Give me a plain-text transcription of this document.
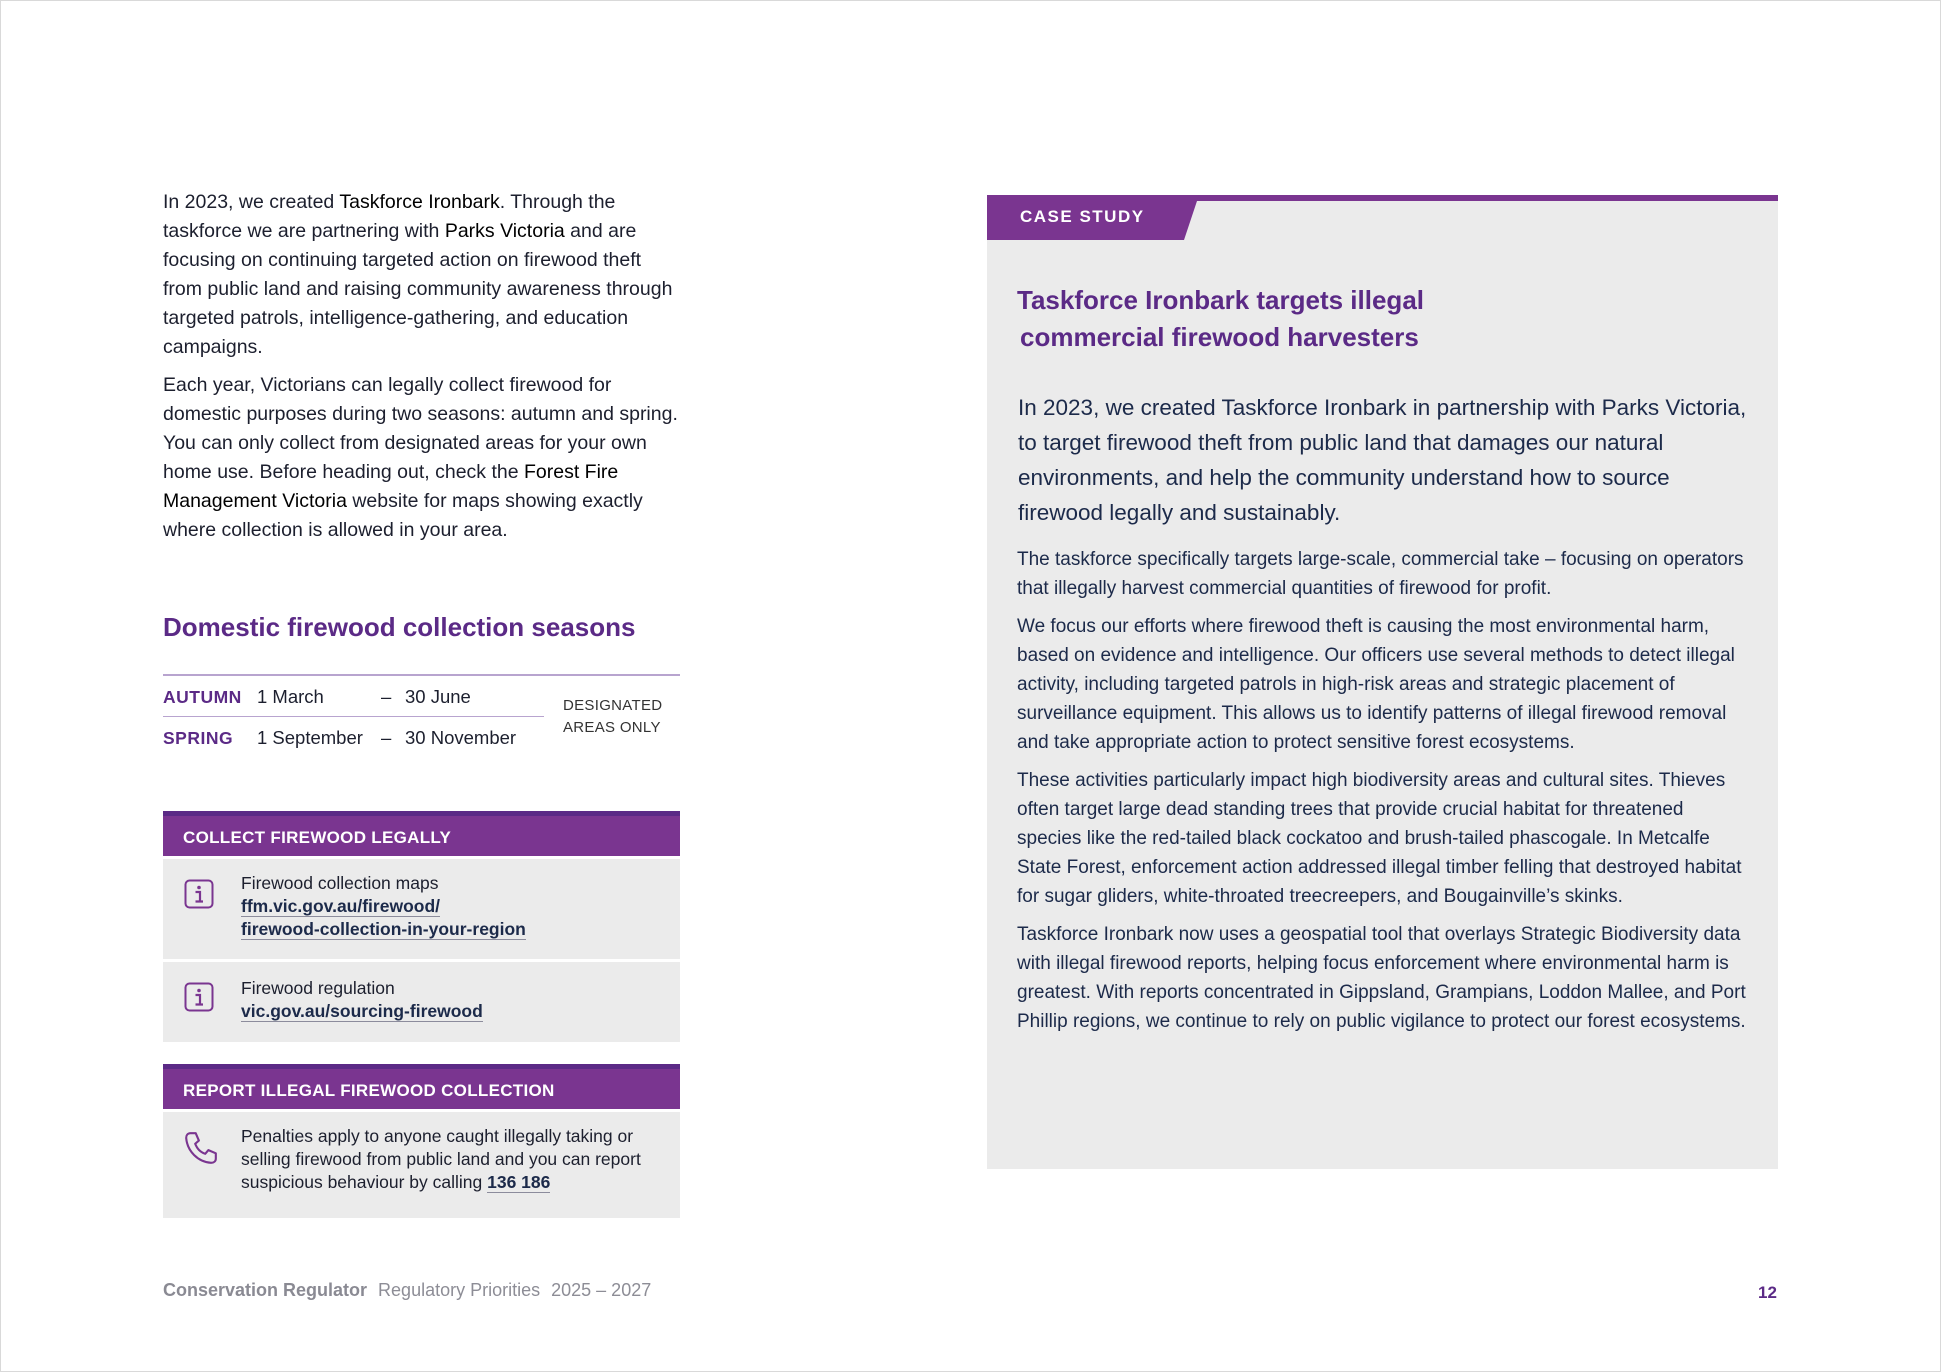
In 2023, we created Taskforce Ironbark. Through the taskforce we are partnering with Parks Victoria and are focusing on continuing targeted action on firewood theft from public land and raising community awareness through targeted patrols, intelligence-gathering, and education campaigns.

Each year, Victorians can legally collect firewood for domestic purposes during two seasons: autumn and spring. You can only collect from designated areas for your own home use. Before heading out, check the Forest Fire Management Victoria website for maps showing exactly where collection is allowed in your area.

Domestic firewood collection seasons
AUTUMN 1 March	– 30 June
SPRING 1 September – 30 November
DESIGNATED
AREAS ONLY
COLLECT FIREWOOD LEGALLY
Firewood collection maps
ffm.vic.gov.au/firewood/
firewood-collection-in-your-region
Firewood regulation
vic.gov.au/sourcing-firewood
REPORT ILLEGAL FIREWOOD COLLECTION
Penalties apply to anyone caught illegally taking or selling firewood from public land and you can report suspicious behaviour by calling 136 186
CASE STUDY
Taskforce Ironbark targets illegal
commercial firewood harvesters

In 2023, we created Taskforce Ironbark in partnership with Parks Victoria, to target firewood theft from public land that damages our natural environments, and help the community understand how to source firewood legally and sustainably.

The taskforce specifically targets large-scale, commercial take – focusing on operators that illegally harvest commercial quantities of firewood for profit.

We focus our efforts where firewood theft is causing the most environmental harm, based on evidence and intelligence. Our officers use several methods to detect illegal activity, including targeted patrols in high-risk areas and strategic placement of surveillance equipment. This allows us to identify patterns of illegal firewood removal and take appropriate action to protect sensitive forest ecosystems.

These activities particularly impact high biodiversity areas and cultural sites. Thieves often target large dead standing trees that provide crucial habitat for threatened species like the red-tailed black cockatoo and brush-tailed phascogale. In Metcalfe State Forest, enforcement action addressed illegal timber felling that destroyed habitat for sugar gliders, white-throated treecreepers, and Bougainville’s skinks.

Taskforce Ironbark now uses a geospatial tool that overlays Strategic Biodiversity data with illegal firewood reports, helping focus enforcement where environmental harm is greatest. With reports concentrated in Gippsland, Grampians, Loddon Mallee, and Port Phillip regions, we continue to rely on public vigilance to protect our forest ecosystems.

Conservation Regulator Regulatory Priorities 2025 – 2027	12
